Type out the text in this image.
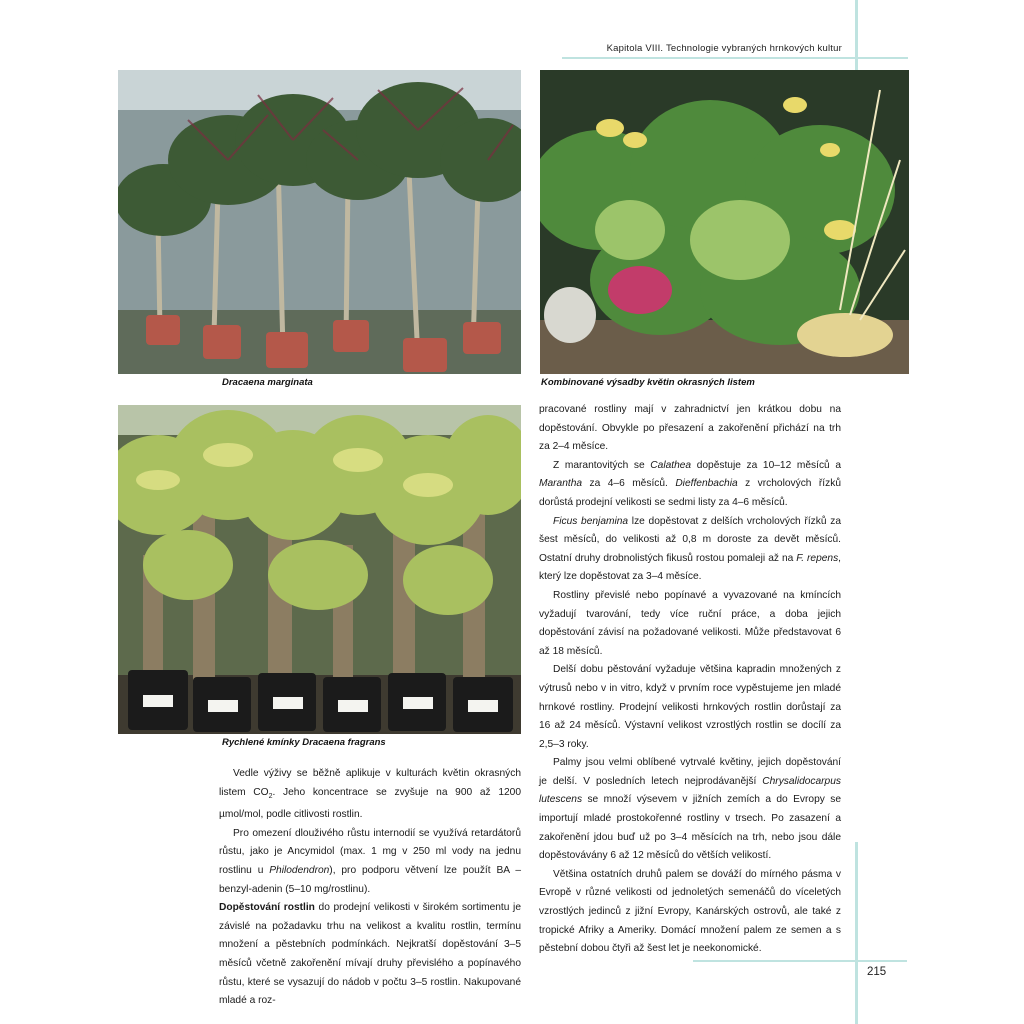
Kapitola VIII. Technologie vybraných hrnkových kultur
Dracaena marginata	Kombinované výsadby květin okrasných listem
Rychlené kmínky Dracaena fragrans

Vedle výživy se běžně aplikuje v kulturách květin okrasných listem $CO_2$. Jeho koncentrace se zvyšuje na 900 až 1200 µmol/mol, podle citlivosti rostlin.

Pro omezení dlouživého růstu internodií se využívá retardátorů růstu, jako je Ancymidol (max. 1 mg v 250 ml vody na jednu rostlinu u Philodendron), pro podporu větvení lze použít BA – benzyl-adenin (5–10 mg/rostlinu).

Dopěstování rostlin do prodejní velikosti v širokém sortimentu je závislé na požadavku trhu na velikost a kvalitu rostlin, termínu množení a pěstebních podmínkách. Nejkratší dopěstování 3–5 měsíců včetně zakořenění mívají druhy převislého a popínavého růstu, které se vysazují do nádob v počtu 3–5 rostlin. Nakupované mladé a roz-

pracované rostliny mají v zahradnictví jen krátkou dobu na dopěstování. Obvykle po přesazení a zakořenění přichází na trh za 2–4 měsíce.

Z marantovitých se Calathea dopěstuje za 10–12 měsíců a Marantha za 4–6 měsíců. Dieffenbachia z vrcholových řízků dorůstá prodejní velikosti se sedmi listy za 4–6 měsíců.

Ficus benjamina lze dopěstovat z delších vrcholových řízků za šest měsíců, do velikosti až 0,8 m doroste za devět měsíců. Ostatní druhy drobnolistých fikusů rostou pomaleji až na F. repens, který lze dopěstovat za 3–4 měsíce.

Rostliny převislé nebo popínavé a vyvazované na kmíncích vyžadují tvarování, tedy více ruční práce, a doba jejich dopěstování závisí na požadované velikosti. Může představovat 6 až 18 měsíců.

Delší dobu pěstování vyžaduje většina kapradin množených z výtrusů nebo v in vitro, když v prvním roce vypěstujeme jen mladé hrnkové rostliny. Prodejní velikosti hrnkových rostlin dorůstají za 16 až 24 měsíců. Výstavní velikost vzrostlých rostlin se docílí za 2,5–3 roky.

Palmy jsou velmi oblíbené vytrvalé květiny, jejich dopěstování je delší. V posledních letech nejprodávanější Chrysalidocarpus lutescens se množí výsevem v jižních zemích a do Evropy se importují mladé prostokořenné rostliny v trsech. Po zasazení a zakořenění jdou buď už po 3–4 měsících na trh, nebo jsou dále dopěstovávány 6 až 12 měsíců do větších velikostí.

Většina ostatních druhů palem se dováží do mírného pásma v Evropě v různé velikosti od jednoletých semenáčů do víceletých vzrostlých jedinců z jižní Evropy, Kanárských ostrovů, ale také z tropické Afriky a Ameriky. Domácí množení palem ze semen a s pěstební dobou čtyři až šest let je neekonomické.

215
